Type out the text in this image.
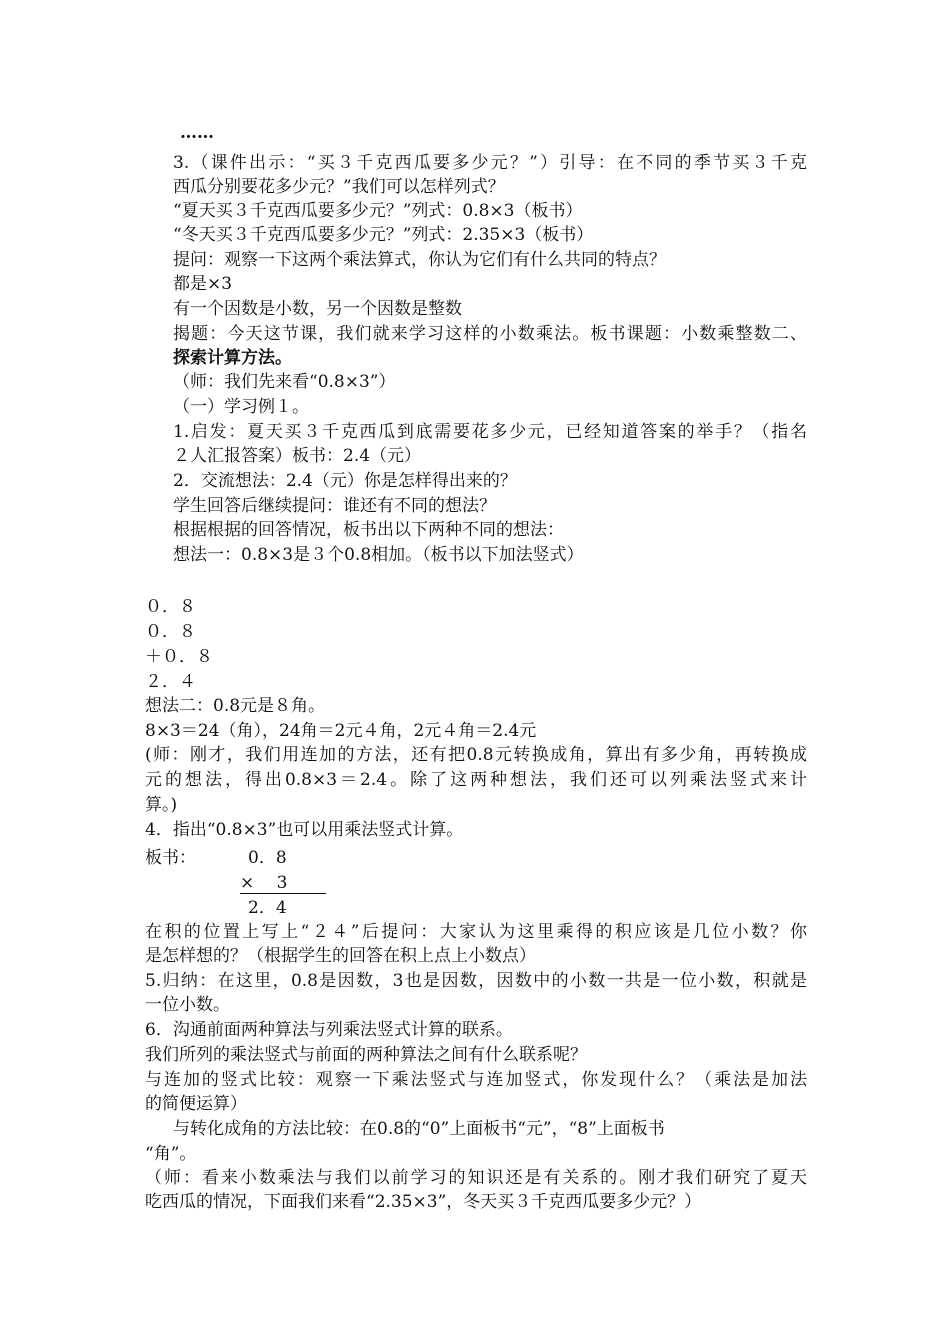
……
3.（课件出示：“买３千克西瓜要多少元？”）引导：在不同的季节买３千克
西瓜分别要花多少元？”我们可以怎样列式？
“夏天买３千克西瓜要多少元？”列式：0.8×3（板书）
“冬天买３千克西瓜要多少元？”列式：2.35×3（板书）
提问：观察一下这两个乘法算式，你认为它们有什么共同的特点？
都是×3
有一个因数是小数，另一个因数是整数
揭题：今天这节课，我们就来学习这样的小数乘法。板书课题：小数乘整数二、
探索计算方法。
（师：我们先来看“0.8×3”）
（一）学习例１。
1.启发：夏天买３千克西瓜到底需要花多少元，已经知道答案的举手？（指名
２人汇报答案）板书：2.4（元）
2．交流想法：2.4（元）你是怎样得出来的？
学生回答后继续提问：谁还有不同的想法？
根据根据的回答情况，板书出以下两种不同的想法：
想法一：0.8×3是３个0.8相加。（板书以下加法竖式）
０．８
０．８
＋０．８
２．４
想法二：0.8元是８角。
8×3＝24（角），24角＝2元４角，2元４角＝2.4元
(师：刚才，我们用连加的方法，还有把0.8元转换成角，算出有多少角，再转换成
元的想法，得出0.8×3＝2.4。除了这两种想法，我们还可以列乘法竖式来计
算。)
4．指出“0.8×3”也可以用乘法竖式计算。
板书：	0．8
×　 3
2．4
在积的位置上写上“２４”后提问：大家认为这里乘得的积应该是几位小数？你
是怎样想的？（根据学生的回答在积上点上小数点）
5.归纳：在这里，0.8是因数，3也是因数，因数中的小数一共是一位小数，积就是
一位小数。
6．沟通前面两种算法与列乘法竖式计算的联系。
我们所列的乘法竖式与前面的两种算法之间有什么联系呢？
与连加的竖式比较：观察一下乘法竖式与连加竖式，你发现什么？（乘法是加法
的简便运算）
与转化成角的方法比较：在0.8的“0”上面板书“元”，“8”上面板书
“角”。
（师：看来小数乘法与我们以前学习的知识还是有关系的。刚才我们研究了夏天
吃西瓜的情况，下面我们来看“2.35×3”，冬天买３千克西瓜要多少元？）
